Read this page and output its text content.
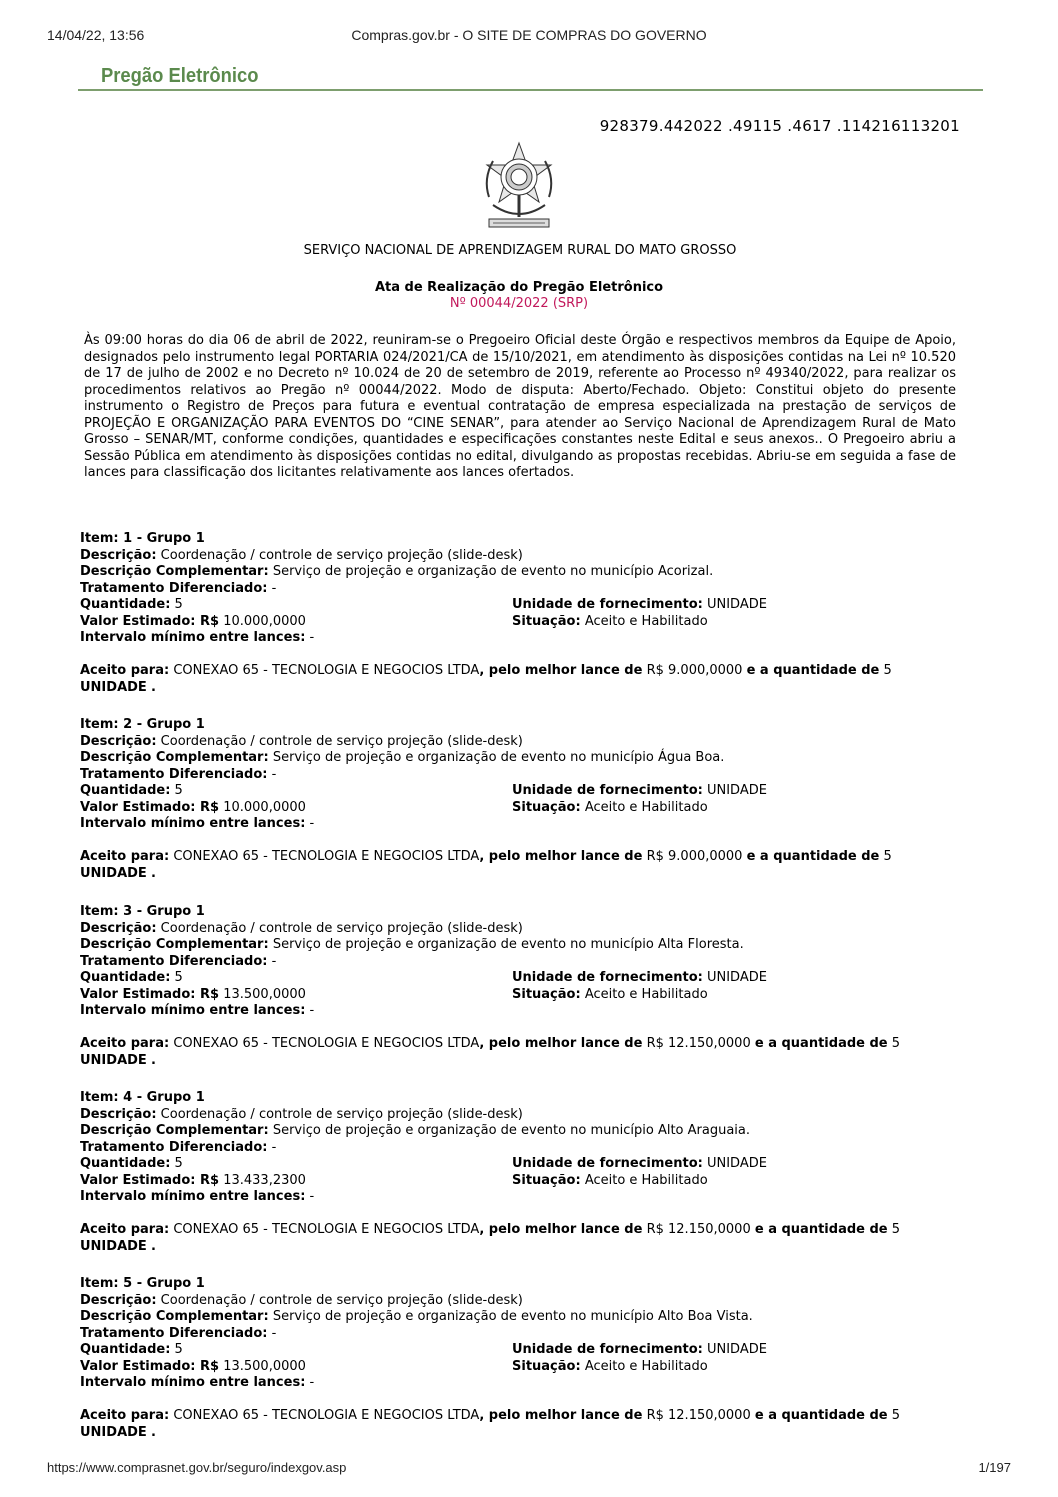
14/04/22, 13:56	Compras.gov.br - O SITE DE COMPRAS DO GOVERNO
Pregão Eletrônico
928379.442022 .49115 .4617 .114216113201
SERVIÇO NACIONAL DE APRENDIZAGEM RURAL DO MATO GROSSO
Ata de Realização do Pregão Eletrônico
Nº 00044/2022 (SRP)

Às 09:00 horas do dia 06 de abril de 2022, reuniram-se o Pregoeiro Oficial deste Órgão e respectivos membros da Equipe de Apoio, designados pelo instrumento legal PORTARIA 024/2021/CA de 15/10/2021, em atendimento às disposições contidas na Lei nº 10.520 de 17 de julho de 2002 e no Decreto nº 10.024 de 20 de setembro de 2019, referente ao Processo nº 49340/2022, para realizar os procedimentos relativos ao Pregão nº 00044/2022. Modo de disputa: Aberto/Fechado. Objeto: Constitui objeto do presente instrumento o Registro de Preços para futura e eventual contratação de empresa especializada na prestação de serviços de PROJEÇÃO E ORGANIZAÇÃO PARA EVENTOS DO “CINE SENAR”, para atender ao Serviço Nacional de Aprendizagem Rural de Mato Grosso – SENAR/MT, conforme condições, quantidades e especificações constantes neste Edital e seus anexos.. O Pregoeiro abriu a Sessão Pública em atendimento às disposições contidas no edital, divulgando as propostas recebidas. Abriu-se em seguida a fase de lances para classificação dos licitantes relativamente aos lances ofertados.

Item: 1 - Grupo 1
Descrição: Coordenação / controle de serviço projeção (slide-desk)
Descrição Complementar: Serviço de projeção e organização de evento no município Acorizal.
Tratamento Diferenciado: -
Quantidade: 5	Unidade de fornecimento: UNIDADE
Valor Estimado: R$ 10.000,0000	Situação: Aceito e Habilitado
Intervalo mínimo entre lances: -
Aceito para: CONEXAO 65 - TECNOLOGIA E NEGOCIOS LTDA, pelo melhor lance de R$ 9.000,0000 e a quantidade de 5 UNIDADE .
Item: 2 - Grupo 1
Descrição: Coordenação / controle de serviço projeção (slide-desk)
Descrição Complementar: Serviço de projeção e organização de evento no município Água Boa.
Tratamento Diferenciado: -
Quantidade: 5	Unidade de fornecimento: UNIDADE
Valor Estimado: R$ 10.000,0000	Situação: Aceito e Habilitado
Intervalo mínimo entre lances: -
Aceito para: CONEXAO 65 - TECNOLOGIA E NEGOCIOS LTDA, pelo melhor lance de R$ 9.000,0000 e a quantidade de 5 UNIDADE .
Item: 3 - Grupo 1
Descrição: Coordenação / controle de serviço projeção (slide-desk)
Descrição Complementar: Serviço de projeção e organização de evento no município Alta Floresta.
Tratamento Diferenciado: -
Quantidade: 5	Unidade de fornecimento: UNIDADE
Valor Estimado: R$ 13.500,0000	Situação: Aceito e Habilitado
Intervalo mínimo entre lances: -
Aceito para: CONEXAO 65 - TECNOLOGIA E NEGOCIOS LTDA, pelo melhor lance de R$ 12.150,0000 e a quantidade de 5 UNIDADE .
Item: 4 - Grupo 1
Descrição: Coordenação / controle de serviço projeção (slide-desk)
Descrição Complementar: Serviço de projeção e organização de evento no município Alto Araguaia.
Tratamento Diferenciado: -
Quantidade: 5	Unidade de fornecimento: UNIDADE
Valor Estimado: R$ 13.433,2300	Situação: Aceito e Habilitado
Intervalo mínimo entre lances: -
Aceito para: CONEXAO 65 - TECNOLOGIA E NEGOCIOS LTDA, pelo melhor lance de R$ 12.150,0000 e a quantidade de 5 UNIDADE .
Item: 5 - Grupo 1
Descrição: Coordenação / controle de serviço projeção (slide-desk)
Descrição Complementar: Serviço de projeção e organização de evento no município Alto Boa Vista.
Tratamento Diferenciado: -
Quantidade: 5	Unidade de fornecimento: UNIDADE
Valor Estimado: R$ 13.500,0000	Situação: Aceito e Habilitado
Intervalo mínimo entre lances: -
Aceito para: CONEXAO 65 - TECNOLOGIA E NEGOCIOS LTDA, pelo melhor lance de R$ 12.150,0000 e a quantidade de 5 UNIDADE .
https://www.comprasnet.gov.br/seguro/indexgov.asp	1/197
